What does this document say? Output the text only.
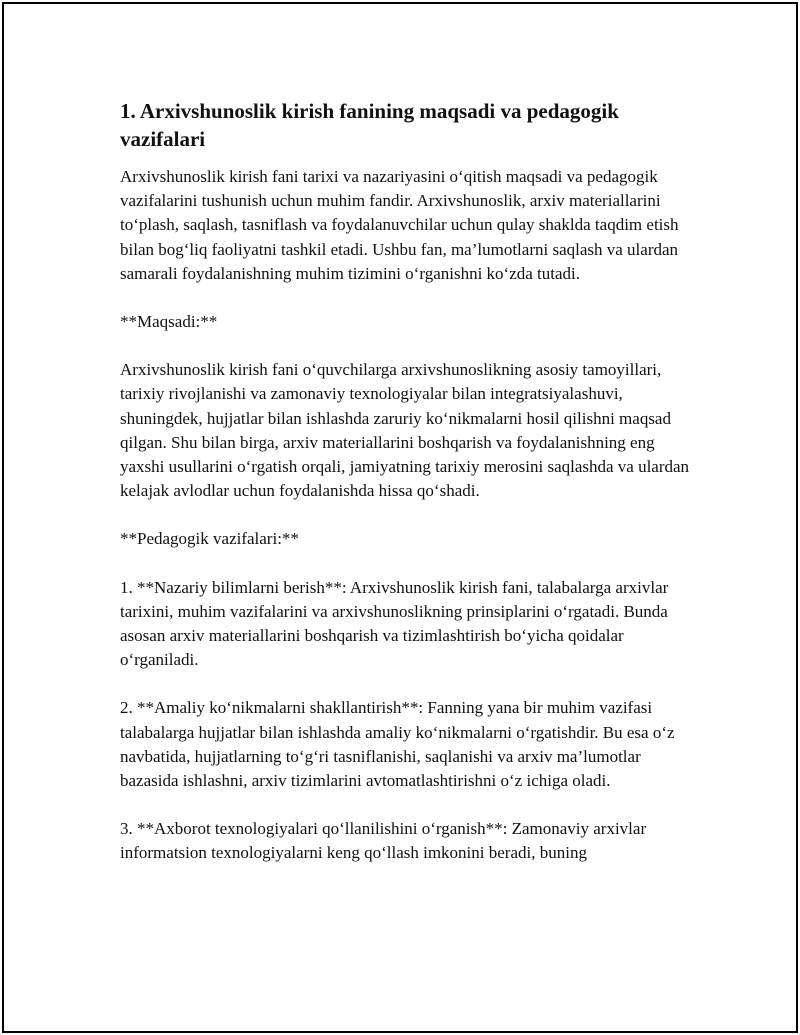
1. Arxivshunoslik kirish fanining maqsadi va pedagogik vazifalari

Arxivshunoslik kirish fani tarixi va nazariyasini o‘qitish maqsadi va pedagogik vazifalarini tushunish uchun muhim fandir. Arxivshunoslik, arxiv materiallarini to‘plash, saqlash, tasniflash va foydalanuvchilar uchun qulay shaklda taqdim etish bilan bog‘liq faoliyatni tashkil etadi. Ushbu fan, ma’lumotlarni saqlash va ulardan samarali foydalanishning muhim tizimini o‘rganishni ko‘zda tutadi.

**Maqsadi:**

Arxivshunoslik kirish fani o‘quvchilarga arxivshunoslikning asosiy tamoyillari, tarixiy rivojlanishi va zamonaviy texnologiyalar bilan integratsiyalashuvi, shuningdek, hujjatlar bilan ishlashda zaruriy ko‘nikmalarni hosil qilishni maqsad qilgan. Shu bilan birga, arxiv materiallarini boshqarish va foydalanishning eng yaxshi usullarini o‘rgatish orqali, jamiyatning tarixiy merosini saqlashda va ulardan kelajak avlodlar uchun foydalanishda hissa qo‘shadi.

**Pedagogik vazifalari:**

1. **Nazariy bilimlarni berish**: Arxivshunoslik kirish fani, talabalarga arxivlar tarixini, muhim vazifalarini va arxivshunoslikning prinsiplarini o‘rgatadi. Bunda asosan arxiv materiallarini boshqarish va tizimlashtirish bo‘yicha qoidalar o‘rganiladi.

2. **Amaliy ko‘nikmalarni shakllantirish**: Fanning yana bir muhim vazifasi talabalarga hujjatlar bilan ishlashda amaliy ko‘nikmalarni o‘rgatishdir. Bu esa o‘z navbatida, hujjatlarning to‘g‘ri tasniflanishi, saqlanishi va arxiv ma’lumotlar bazasida ishlashni, arxiv tizimlarini avtomatlashtirishni o‘z ichiga oladi.

3. **Axborot texnologiyalari qo‘llanilishini o‘rganish**: Zamonaviy arxivlar informatsion texnologiyalarni keng qo‘llash imkonini beradi, buning
